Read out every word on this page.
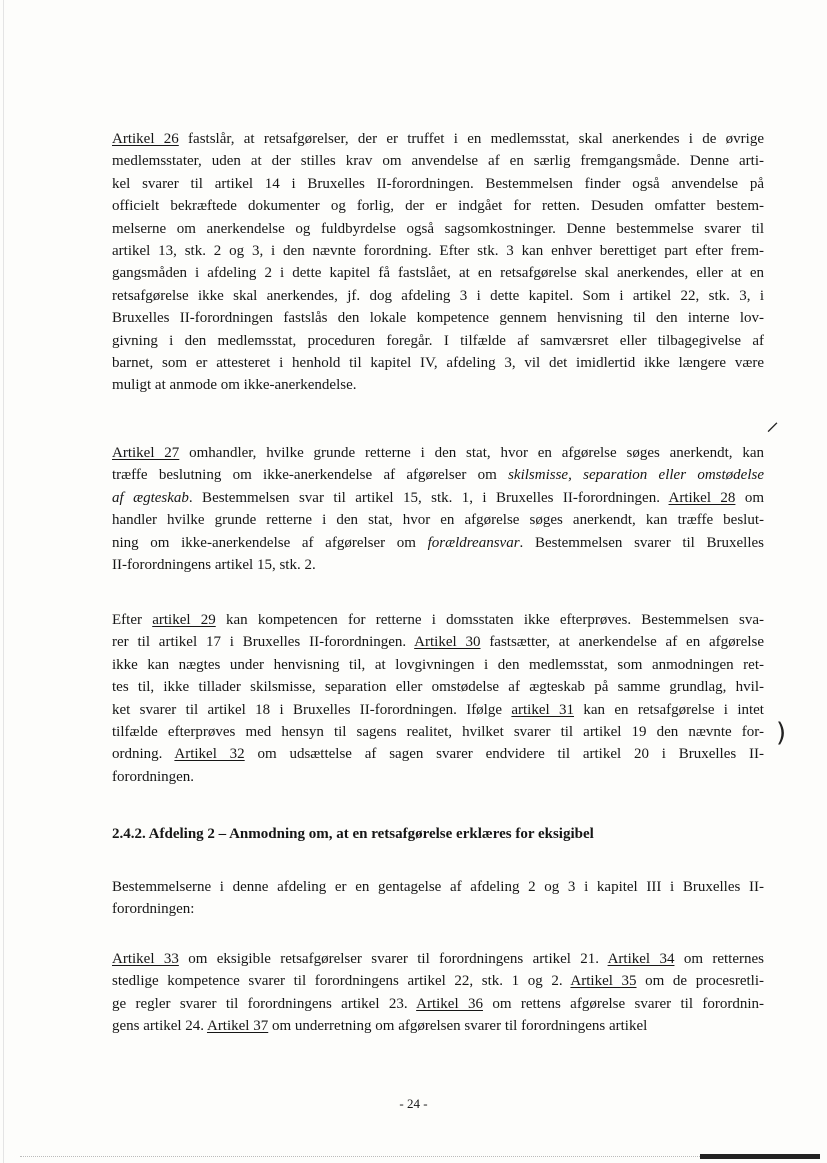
Artikel 26 fastslår, at retsafgørelser, der er truffet i en medlemsstat, skal anerkendes i de øvrige
medlemsstater, uden at der stilles krav om anvendelse af en særlig fremgangsmåde. Denne arti-
kel svarer til artikel 14 i Bruxelles II-forordningen. Bestemmelsen finder også anvendelse på
officielt bekræftede dokumenter og forlig, der er indgået for retten. Desuden omfatter bestem-
melserne om anerkendelse og fuldbyrdelse også sagsomkostninger. Denne bestemmelse svarer til
artikel 13, stk. 2 og 3, i den nævnte forordning. Efter stk. 3 kan enhver berettiget part efter frem-
gangsmåden i afdeling 2 i dette kapitel få fastslået, at en retsafgørelse skal anerkendes, eller at en
retsafgørelse ikke skal anerkendes, jf. dog afdeling 3 i dette kapitel. Som i artikel 22, stk. 3, i
Bruxelles II-forordningen fastslås den lokale kompetence gennem henvisning til den interne lov-
givning i den medlemsstat, proceduren foregår. I tilfælde af samværsret eller tilbagegivelse af
barnet, som er attesteret i henhold til kapitel IV, afdeling 3, vil det imidlertid ikke længere være
muligt at anmode om ikke-anerkendelse.
⸝
Artikel 27 omhandler, hvilke grunde retterne i den stat, hvor en afgørelse søges anerkendt, kan
træffe beslutning om ikke-anerkendelse af afgørelser om skilsmisse, separation eller omstødelse
af ægteskab. Bestemmelsen svar til artikel 15, stk. 1, i Bruxelles II-forordningen. Artikel 28 om
handler hvilke grunde retterne i den stat, hvor en afgørelse søges anerkendt, kan træffe beslut-
ning om ikke-anerkendelse af afgørelser om forældreansvar. Bestemmelsen svarer til Bruxelles
II-forordningens artikel 15, stk. 2.
Efter artikel 29 kan kompetencen for retterne i domsstaten ikke efterprøves. Bestemmelsen sva-
rer til artikel 17 i Bruxelles II-forordningen. Artikel 30 fastsætter, at anerkendelse af en afgørelse
ikke kan nægtes under henvisning til, at lovgivningen i den medlemsstat, som anmodningen ret-
tes til, ikke tillader skilsmisse, separation eller omstødelse af ægteskab på samme grundlag, hvil-
ket svarer til artikel 18 i Bruxelles II-forordningen. Ifølge artikel 31 kan en retsafgørelse i intet
tilfælde efterprøves med hensyn til sagens realitet, hvilket svarer til artikel 19 den nævnte for-
ordning. Artikel 32 om udsættelse af sagen svarer endvidere til artikel 20 i Bruxelles II-
forordningen.
)
2.4.2. Afdeling 2 – Anmodning om, at en retsafgørelse erklæres for eksigibel
Bestemmelserne i denne afdeling er en gentagelse af afdeling 2 og 3 i kapitel III i Bruxelles II-
forordningen:
Artikel 33 om eksigible retsafgørelser svarer til forordningens artikel 21. Artikel 34 om retternes
stedlige kompetence svarer til forordningens artikel 22, stk. 1 og 2. Artikel 35 om de procesretli-
ge regler svarer til forordningens artikel 23. Artikel 36 om rettens afgørelse svarer til forordnin-
gens artikel 24. Artikel 37 om underretning om afgørelsen svarer til forordningens artikel
- 24 -
